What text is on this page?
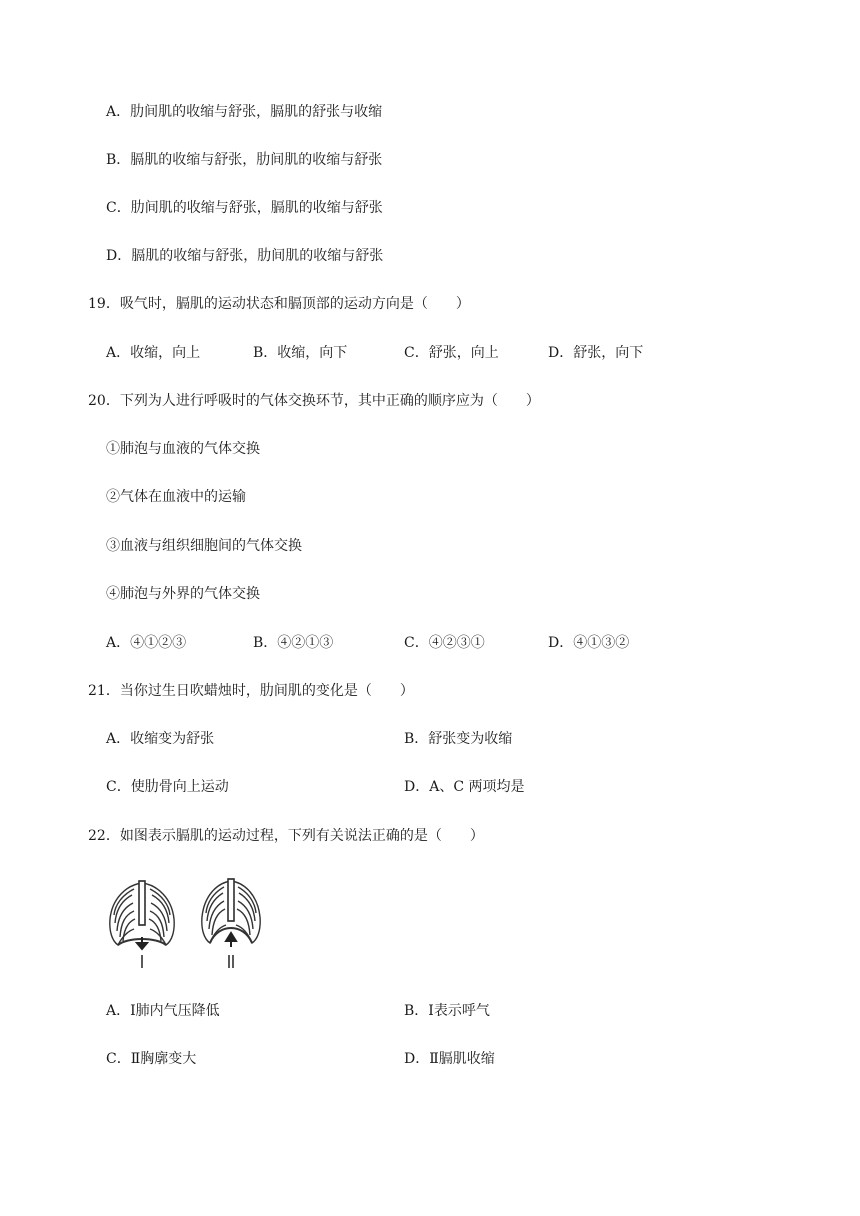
A．肋间肌的收缩与舒张，膈肌的舒张与收缩
B．膈肌的收缩与舒张，肋间肌的收缩与舒张
C．肋间肌的收缩与舒张，膈肌的收缩与舒张
D．膈肌的收缩与舒张，肋间肌的收缩与舒张
19．吸气时，膈肌的运动状态和膈顶部的运动方向是（　　）
A．收缩，向上	B．收缩，向下	C．舒张，向上	D．舒张，向下
20．下列为人进行呼吸时的气体交换环节，其中正确的顺序应为（　　）
①肺泡与血液的气体交换
②气体在血液中的运输
③血液与组织细胞间的气体交换
④肺泡与外界的气体交换
A．④①②③	B．④②①③	C．④②③①	D．④①③②
21．当你过生日吹蜡烛时，肋间肌的变化是（　　）
A．收缩变为舒张	B．舒张变为收缩
C．使肋骨向上运动	D．A、C 两项均是
22．如图表示膈肌的运动过程，下列有关说法正确的是（　　）
Ⅰ	Ⅱ
A．Ⅰ肺内气压降低	B．Ⅰ表示呼气
C．Ⅱ胸廓变大	D．Ⅱ膈肌收缩
